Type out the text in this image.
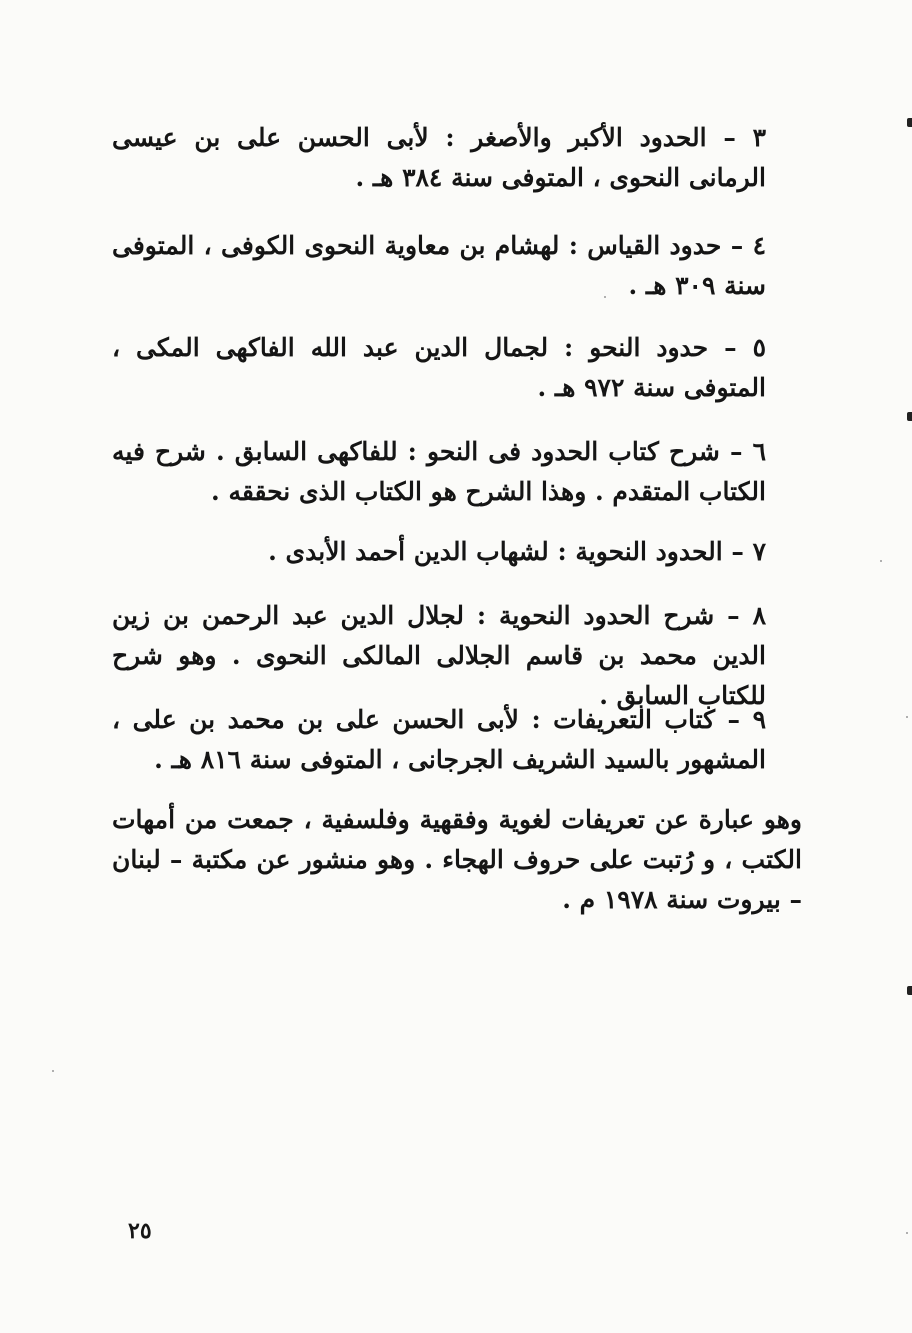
٣ – الحدود الأكبر والأصغر : لأبى الحسن على بن عيسى الرمانى النحوى ، المتوفى سنة ٣٨٤ هـ .
٤ – حدود القياس : لهشام بن معاوية النحوى الكوفى ، المتوفى سنة ٣٠٩ هـ .
٥ – حدود النحو : لجمال الدين عبد الله الفاكهى المكى ، المتوفى سنة ٩٧٢ هـ .
٦ – شرح كتاب الحدود فى النحو : للفاكهى السابق . شرح فيه الكتاب المتقدم . وهذا الشرح هو الكتاب الذى نحققه .
٧ – الحدود النحوية : لشهاب الدين أحمد الأبدى .
٨ – شرح الحدود النحوية : لجلال الدين عبد الرحمن بن زين الدين محمد بن قاسم الجلالى المالكى النحوى . وهو شرح للكتاب السابق .
٩ – كتاب التعريفات : لأبى الحسن على بن محمد بن على ، المشهور بالسيد الشريف الجرجانى ، المتوفى سنة ٨١٦ هـ .
وهو عبارة عن تعريفات لغوية وفقهية وفلسفية ، جمعت من أمهات الكتب ، و رُتبت على حروف الهجاء . وهو منشور عن مكتبة – لبنان – بيروت سنة ١٩٧٨ م .
٢٥
